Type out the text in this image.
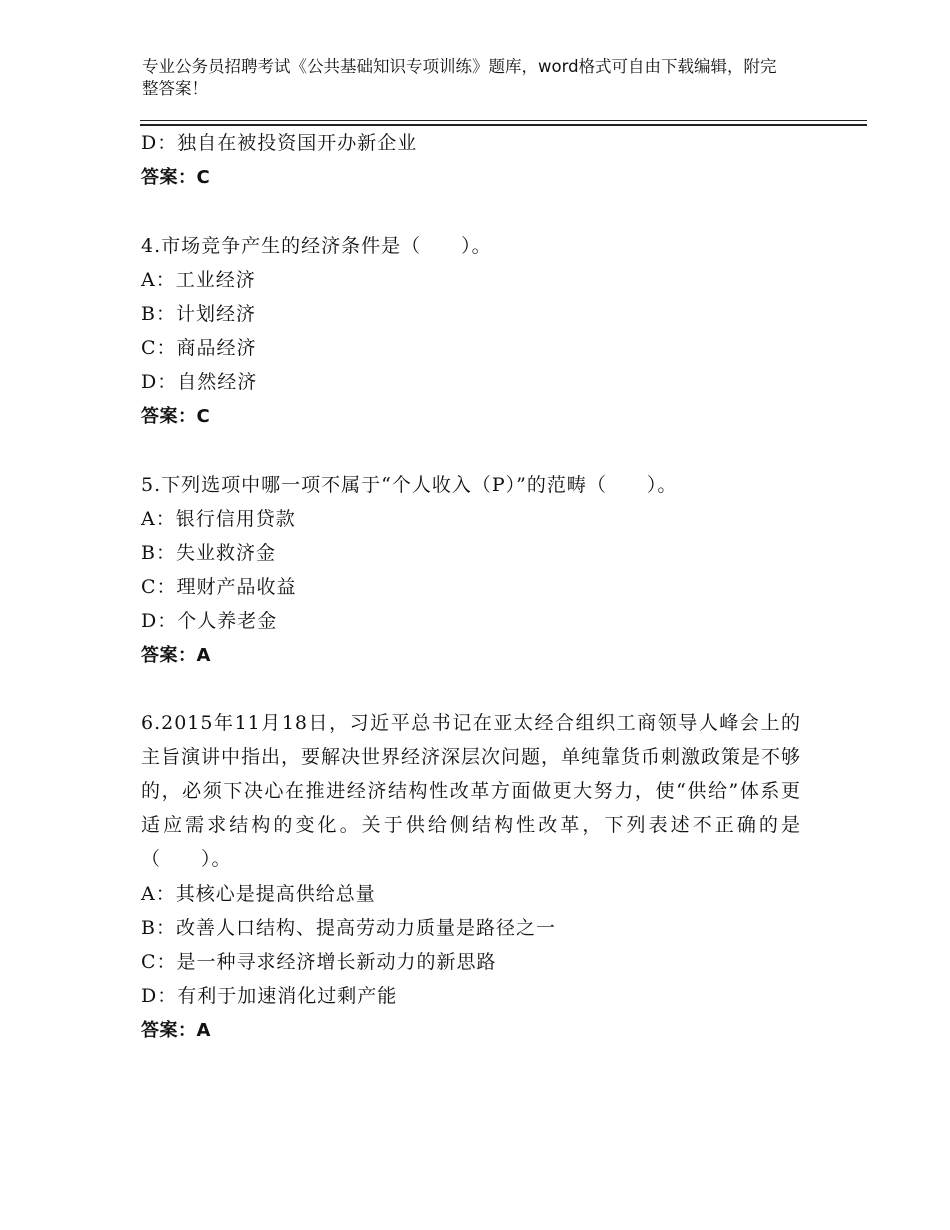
专业公务员招聘考试《公共基础知识专项训练》题库，word格式可自由下载编辑，附完整答案！
D：独自在被投资国开办新企业
答案：C
4.市场竞争产生的经济条件是（　　）。
A：工业经济
B：计划经济
C：商品经济
D：自然经济
答案：C
5.下列选项中哪一项不属于“个人收入（P）”的范畴（　　）。
A：银行信用贷款
B：失业救济金
C：理财产品收益
D：个人养老金
答案：A
6.2015年11月18日，习近平总书记在亚太经合组织工商领导人峰会上的主旨演讲中指出，要解决世界经济深层次问题，单纯靠货币刺激政策是不够的，必须下决心在推进经济结构性改革方面做更大努力，使“供给”体系更适应需求结构的变化。关于供给侧结构性改革，下列表述不正确的是（　　）。
A：其核心是提高供给总量
B：改善人口结构、提高劳动力质量是路径之一
C：是一种寻求经济增长新动力的新思路
D：有利于加速消化过剩产能
答案：A
